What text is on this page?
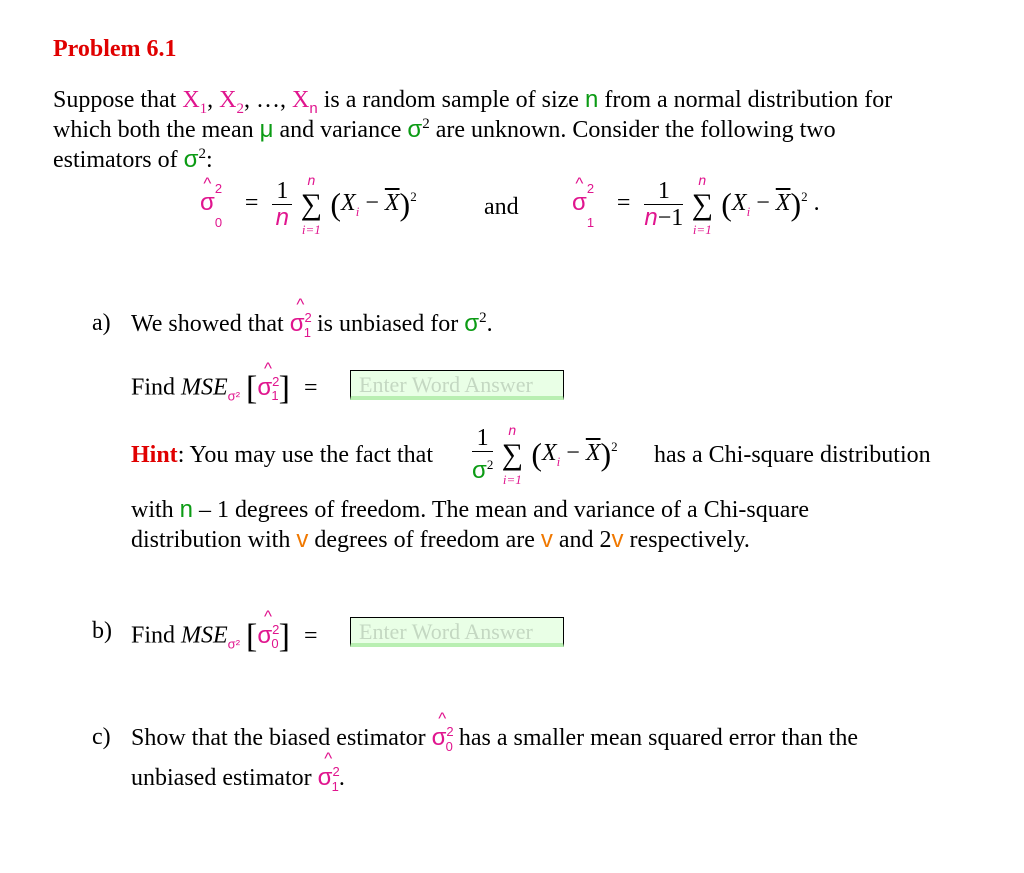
Problem 6.1
Suppose that $X_1$, $X_2$, …, $X_n$ is a random sample of size n from a normal distribution for
which both the mean μ and variance $\sigma^2$ are unknown. Consider the following two
estimators of $\sigma^2$:
^ σ
2
0
= $\frac{1}{n}$ ∑
n
i=1
$(X_i - \overline{X})^2$	and ^ σ
2
1
= $\frac{1}{n-1}$ ∑
n
i=1
$(X_i - \overline{X})^2$ .
a) We showed that ^ $\sigma^2_1$ is unbiased for $\sigma^2$.
Find $MSE_{\sigma^2}$ [^ $\sigma^2_1$] =	Enter Word Answer
Hint: You may use the fact that $\frac{1}{\sigma^2}$ ∑
n
i=1
$(X_i - \overline{X})^2$ has a Chi-square distribution
with n – 1 degrees of freedom. The mean and variance of a Chi-square
distribution with v degrees of freedom are v and 2v respectively.
b) Find $MSE_{\sigma^2}$ [^ $\sigma^2_0$] =	Enter Word Answer
c) Show that the biased estimator ^ $\sigma^2_0$ has a smaller mean squared error than the
unbiased estimator ^ $\sigma^2_1$.
